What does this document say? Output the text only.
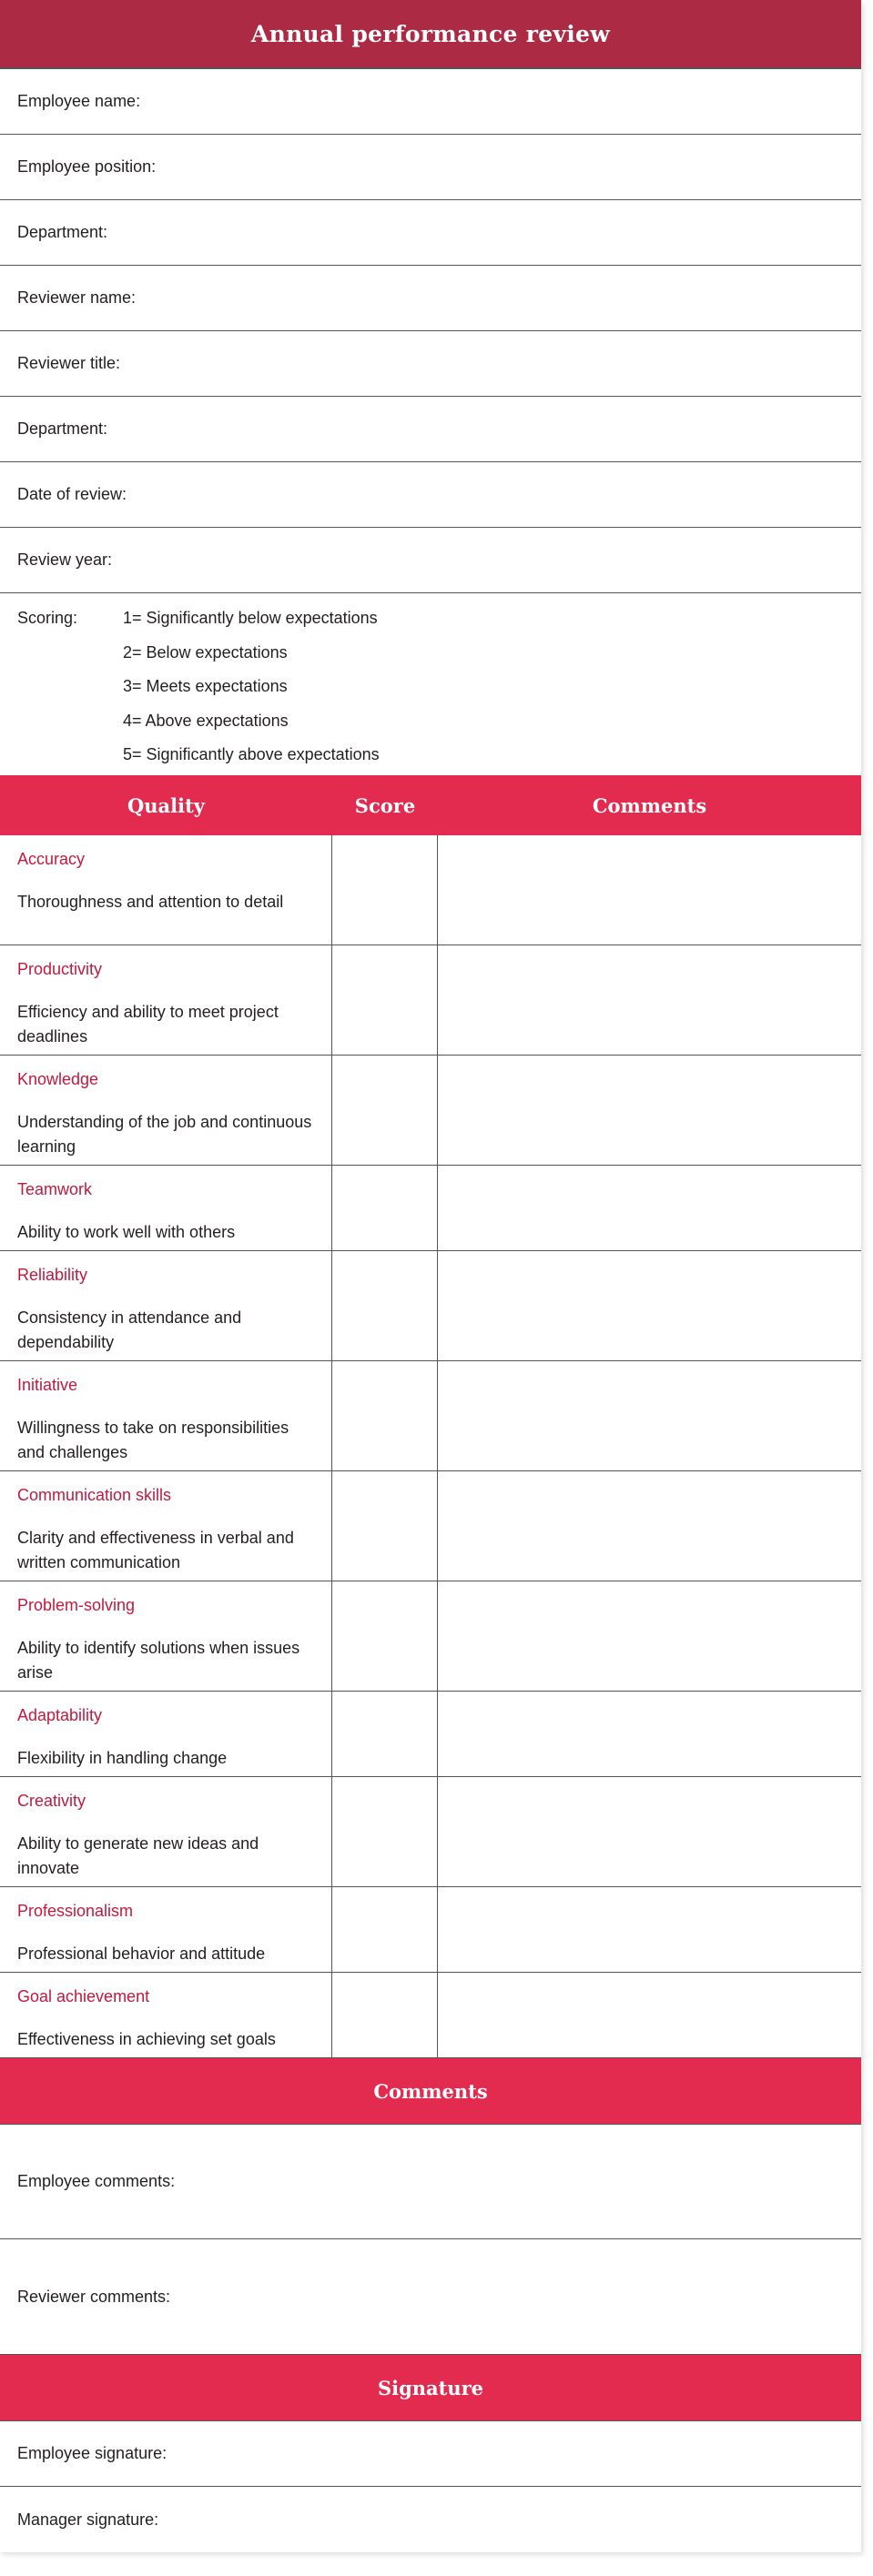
Annual performance review
Employee name:
Employee position:
Department:
Reviewer name:
Reviewer title:
Department:
Date of review:
Review year:
Scoring:	1= Significantly below expectations
2= Below expectations
3= Meets expectations
4= Above expectations
5= Significantly above expectations
Quality	Score	Comments
Accuracy
Thoroughness and attention to detail
Productivity
Efficiency and ability to meet project deadlines
Knowledge
Understanding of the job and continuous learning
Teamwork
Ability to work well with others
Reliability
Consistency in attendance and dependability
Initiative
Willingness to take on responsibilities and challenges
Communication skills
Clarity and effectiveness in verbal and written communication
Problem-solving
Ability to identify solutions when issues arise
Adaptability
Flexibility in handling change
Creativity
Ability to generate new ideas and innovate
Professionalism
Professional behavior and attitude
Goal achievement
Effectiveness in achieving set goals
Comments
Employee comments:
Reviewer comments:
Signature
Employee signature:
Manager signature:
